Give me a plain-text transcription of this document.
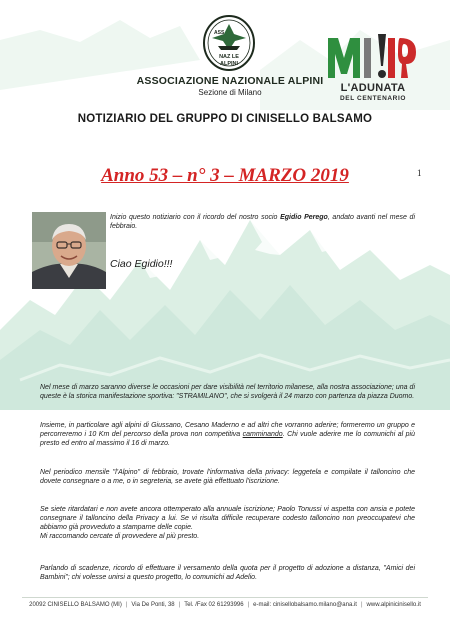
ASS
NAZ LE
ALPINI
ASSOCIAZIONE NAZIONALE ALPINI
Sezione di Milano	L'ADUNATA
DEL CENTENARIO
NOTIZIARIO DEL GRUPPO DI CINISELLO BALSAMO
Anno 53 – n° 3 – MARZO 2019	1
Inizio questo notiziario con il ricordo del nostro socio Egidio Perego, andato avanti nel mese di febbraio.
Ciao Egidio!!!
Nel mese di marzo saranno diverse le occasioni per dare visibilità nel territorio milanese, alla nostra associazione; una di queste è la storica manifestazione sportiva: "STRAMILANO", che si svolgerà il 24 marzo con partenza da piazza Duomo.
Insieme, in particolare agli alpini di Giussano, Cesano Maderno e ad altri che vorranno aderire; formeremo un gruppo e percorreremo i 10 Km del percorso della prova non competitiva camminando. Chi vuole aderire me lo comunichi al più presto ed entro al massimo il 16 di marzo.
Nel periodico mensile "l'Alpino" di febbraio, trovate l'informativa della privacy: leggetela e compilate il talloncino che dovete consegnare o a me, o in segreteria, se avete già effettuato l'iscrizione.
Se siete ritardatari e non avete ancora ottemperato alla annuale iscrizione; Paolo Tonussi vi aspetta con ansia e potete consegnare il talloncino della Privacy a lui. Se vi risulta difficile recuperare codesto talloncino non preoccupatevi che abbiamo già provveduto a stamparne delle copie.
Mi raccomando cercate di provvedere al più presto.
Parlando di scadenze, ricordo di effettuare il versamento della quota per il progetto di adozione a distanza, "Amici dei Bambini"; chi volesse unirsi a questo progetto, lo comunichi ad Adelio.
20092 CINISELLO BALSAMO (MI) | Via De Ponti, 38 | Tel. /Fax 02 61293996 | e-mail: cinisellobalsamo.milano@ana.it | www.alpinicinisello.it
